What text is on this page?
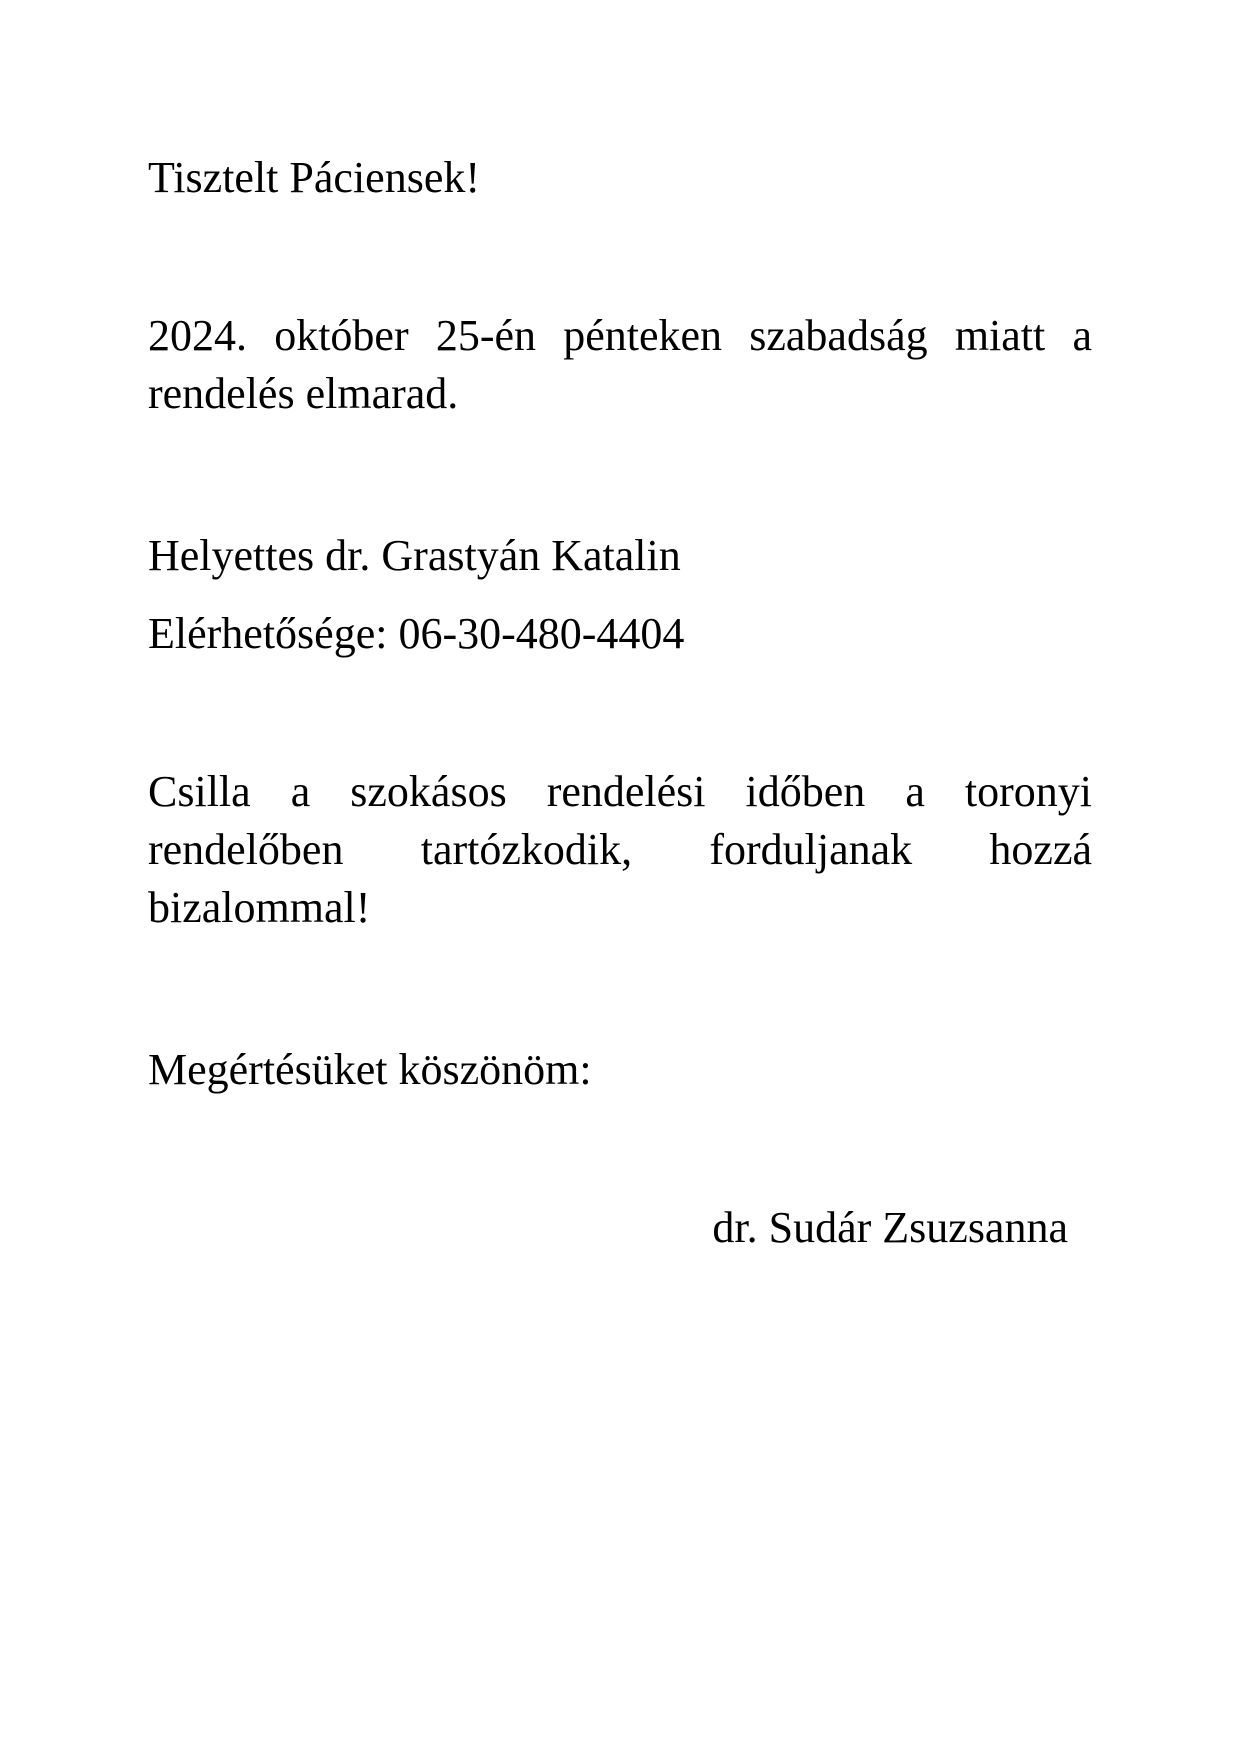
Tisztelt Páciensek!

2024. október 25-én pénteken szabadság miatt a rendelés elmarad.

Helyettes dr. Grastyán Katalin

Elérhetősége: 06-30-480-4404

Csilla a szokásos rendelési időben a toronyi rendelőben tartózkodik, forduljanak hozzá bizalommal!

Megértésüket köszönöm:

dr. Sudár Zsuzsanna
